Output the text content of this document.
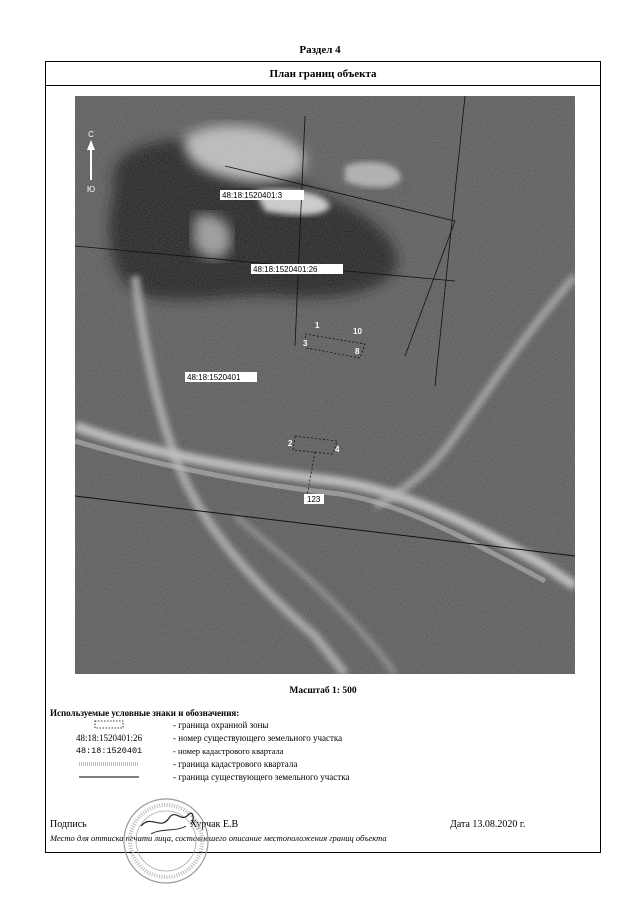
Раздел 4
План границ объекта
48:18:1520401:3
48:18:1520401:26
48:18:1520401
123
1
10
3
8
2
4
С
Ю
Масштаб 1: 500
Используемые условные знаки и обозначения:
- граница охранной зоны
48:18:1520401:26	- номер существующего земельного участка
48:18:1520401	- номер кадастрового квартала
- граница кадастрового квартала
- граница существующего земельного участка
Подпись	Хурчак Е.В	Дата 13.08.2020 г.
Место для оттиска печати лица, составившего описание местоположения границ объекта
